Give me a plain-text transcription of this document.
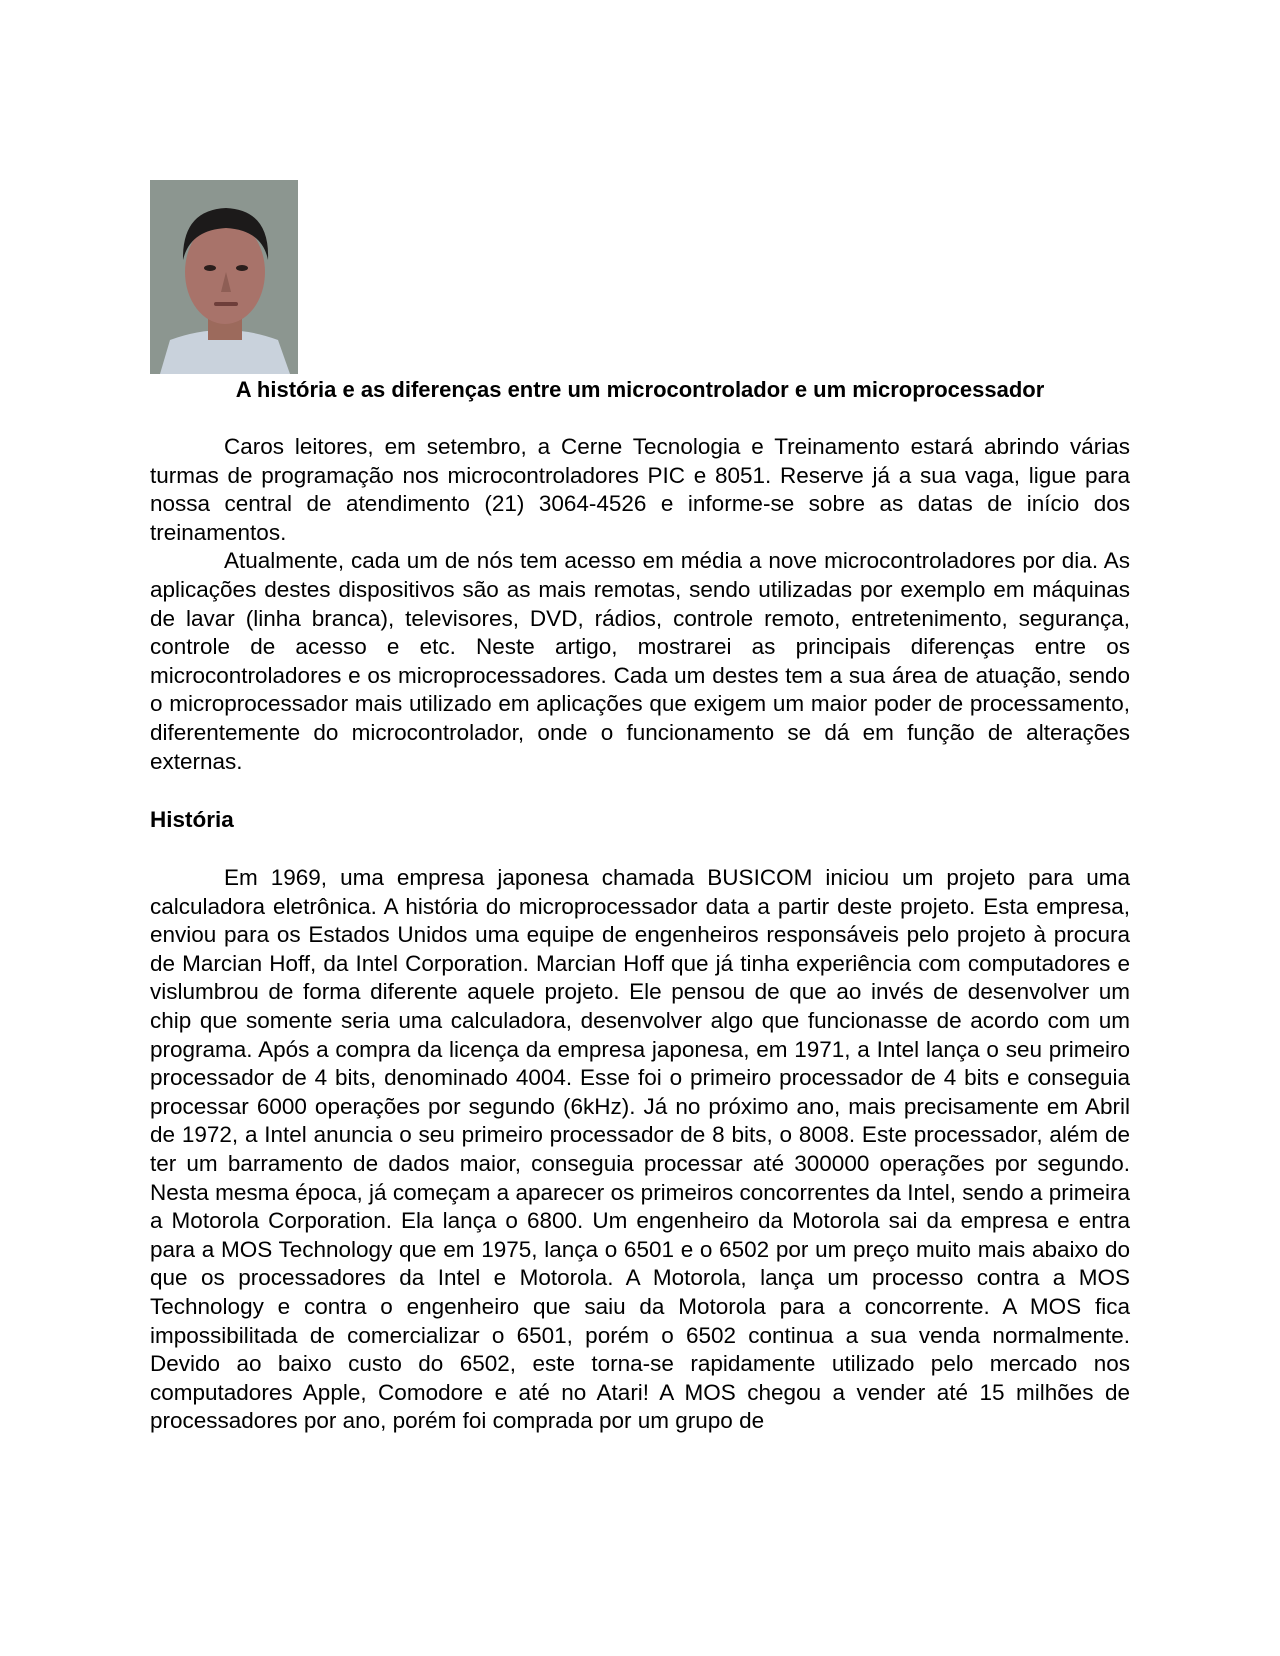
A história e as diferenças entre um microcontrolador e um microprocessador

Caros leitores, em setembro, a Cerne Tecnologia e Treinamento estará abrindo várias turmas de programação nos microcontroladores PIC e 8051. Reserve já a sua vaga, ligue para nossa central de atendimento (21) 3064-4526 e informe-se sobre as datas de início dos treinamentos.

Atualmente, cada um de nós tem acesso em média a nove microcontroladores por dia. As aplicações destes dispositivos são as mais remotas, sendo utilizadas por exemplo em máquinas de lavar (linha branca), televisores, DVD, rádios, controle remoto, entretenimento, segurança, controle de acesso e etc. Neste artigo, mostrarei as principais diferenças entre os microcontroladores e os microprocessadores. Cada um destes tem a sua área de atuação, sendo o microprocessador mais utilizado em aplicações que exigem um maior poder de processamento, diferentemente do microcontrolador, onde o funcionamento se dá em função de alterações externas.

História

Em 1969, uma empresa japonesa chamada BUSICOM iniciou um projeto para uma calculadora eletrônica. A história do microprocessador data a partir deste projeto. Esta empresa, enviou para os Estados Unidos uma equipe de engenheiros responsáveis pelo projeto à procura de Marcian Hoff, da Intel Corporation. Marcian Hoff que já tinha experiência com computadores e vislumbrou de forma diferente aquele projeto. Ele pensou de que ao invés de desenvolver um chip que somente seria uma calculadora, desenvolver algo que funcionasse de acordo com um programa. Após a compra da licença da empresa japonesa, em 1971, a Intel lança o seu primeiro processador de 4 bits, denominado 4004. Esse foi o primeiro processador de 4 bits e conseguia processar 6000 operações por segundo (6kHz). Já no próximo ano, mais precisamente em Abril de 1972, a Intel anuncia o seu primeiro processador de 8 bits, o 8008. Este processador, além de ter um barramento de dados maior, conseguia processar até 300000 operações por segundo. Nesta mesma época, já começam a aparecer os primeiros concorrentes da Intel, sendo a primeira a Motorola Corporation. Ela lança o 6800. Um engenheiro da Motorola sai da empresa e entra para a MOS Technology que em 1975, lança o 6501 e o 6502 por um preço muito mais abaixo do que os processadores da Intel e Motorola. A Motorola, lança um processo contra a MOS Technology e contra o engenheiro que saiu da Motorola para a concorrente. A MOS fica impossibilitada de comercializar o 6501, porém o 6502 continua a sua venda normalmente. Devido ao baixo custo do 6502, este torna-se rapidamente utilizado pelo mercado nos computadores Apple, Comodore e até no Atari! A MOS chegou a vender até 15 milhões de processadores por ano, porém foi comprada por um grupo de
